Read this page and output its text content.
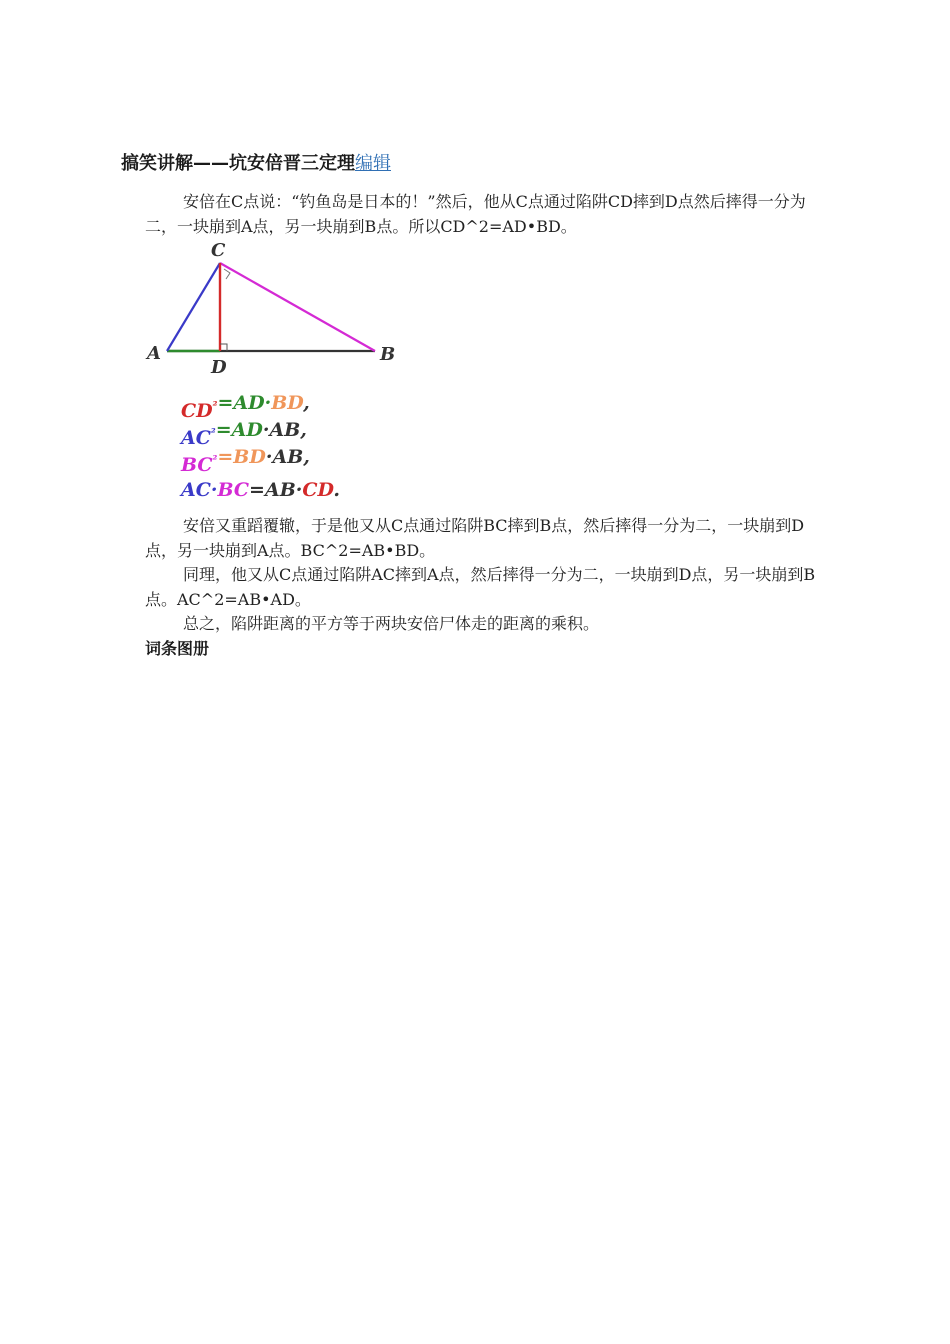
搞笑讲解——坑安倍晋三定理编辑

安倍在C点说：“钓鱼岛是日本的！”然后，他从C点通过陷阱CD摔到D点然后摔得一分为二，一块崩到A点，另一块崩到B点。所以CD^2=AD•BD。

C
A	B
D
$CD^{^2}=AD\cdot BD$,
$AC^{^2}=AD\cdot AB$,
$BC^{^2}=BD\cdot AB$,
AC·BC=AB·CD.

安倍又重蹈覆辙，于是他又从C点通过陷阱BC摔到B点，然后摔得一分为二，一块崩到D点，另一块崩到A点。BC^2=AB•BD。

同理，他又从C点通过陷阱AC摔到A点，然后摔得一分为二，一块崩到D点，另一块崩到B点。AC^2=AB•AD。

总之，陷阱距离的平方等于两块安倍尸体走的距离的乘积。

词条图册
